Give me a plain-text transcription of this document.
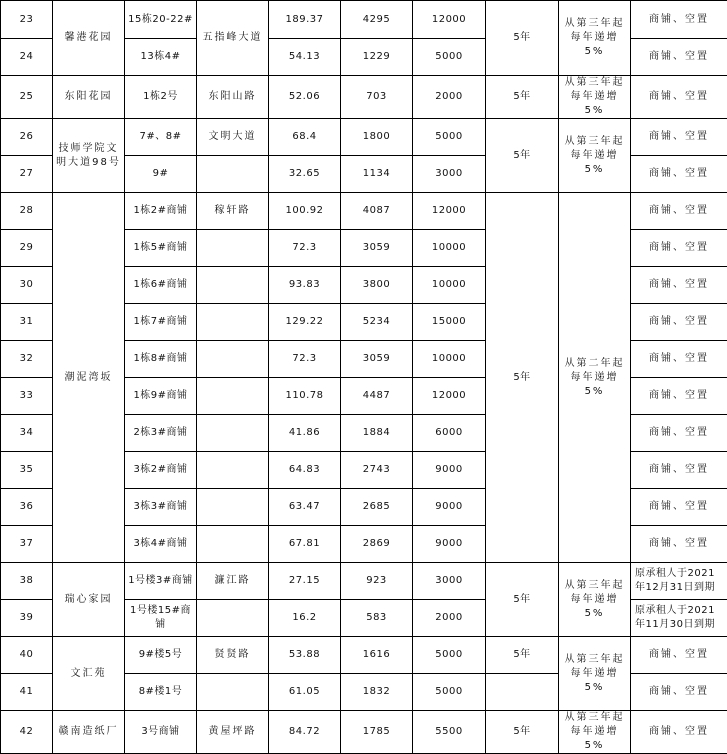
23	馨港花园	15栋20-22#	五指峰大道	189.37	4295	12000	5年	从第三年起每年递增5%	商铺、空置
24		13栋4#		54.13	1229	5000			商铺、空置
25	东阳花园	1栋2号	东阳山路	52.06	703	2000	5年	从第三年起每年递增5%	商铺、空置
26	技师学院文明大道98号	7#、8#	文明大道	68.4	1800	5000	5年	从第三年起每年递增5%	商铺、空置
27		9#		32.65	1134	3000			商铺、空置
28	潮泥湾坂	1栋2#商铺	稼轩路	100.92	4087	12000	5年	从第二年起每年递增5%	商铺、空置
29		1栋5#商铺		72.3	3059	10000			商铺、空置
30		1栋6#商铺		93.83	3800	10000			商铺、空置
31		1栋7#商铺		129.22	5234	15000			商铺、空置
32		1栋8#商铺		72.3	3059	10000			商铺、空置
33		1栋9#商铺		110.78	4487	12000			商铺、空置
34		2栋3#商铺		41.86	1884	6000			商铺、空置
35		3栋2#商铺		64.83	2743	9000			商铺、空置
36		3栋3#商铺		63.47	2685	9000			商铺、空置
37		3栋4#商铺		67.81	2869	9000			商铺、空置
38	瑞心家园	1号楼3#商铺	濂江路	27.15	923	3000	5年	从第三年起每年递增5%	原承租人于2021年12月31日到期
39		1号楼15#商铺		16.2	583	2000			原承租人于2021年11月30日到期
40	文汇苑	9#楼5号	贤贤路	53.88	1616	5000	5年	从第三年起每年递增5%	商铺、空置
41		8#楼1号		61.05	1832	5000			商铺、空置
42	赣南造纸厂	3号商铺	黄屋坪路	84.72	1785	5500	5年	从第三年起每年递增5%	商铺、空置
